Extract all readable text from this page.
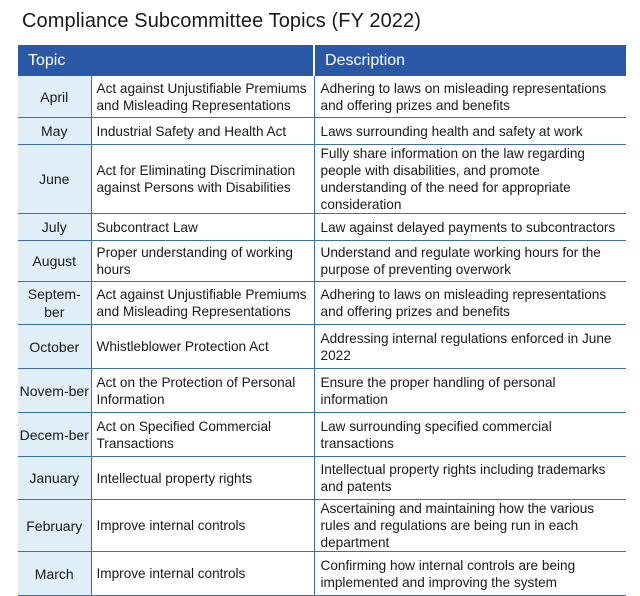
Compliance Subcommittee Topics (FY 2022)
Topic		Description
April	Act against Unjustifiable Premiums and Misleading Representations	Adhering to laws on misleading representations and offering prizes and benefits
May	Industrial Safety and Health Act	Laws surrounding health and safety at work
June	Act for Eliminating Discrimination against Persons with Disabilities	Fully share information on the law regarding people with disabilities, and promote understanding of the need for appropriate consideration
July	Subcontract Law	Law against delayed payments to subcontractors
August	Proper understanding of working hours	Understand and regulate working hours for the purpose of preventing overwork
Septem-ber	Act against Unjustifiable Premiums and Misleading Representations	Adhering to laws on misleading representations and offering prizes and benefits
October	Whistleblower Protection Act	Addressing internal regulations enforced in June 2022
Novem-ber	Act on the Protection of Personal Information	Ensure the proper handling of personal information
Decem-ber	Act on Specified Commercial Transactions	Law surrounding specified commercial transactions
January	Intellectual property rights	Intellectual property rights including trademarks and patents
February	Improve internal controls	Ascertaining and maintaining how the various rules and regulations are being run in each department
March	Improve internal controls	Confirming how internal controls are being implemented and improving the system
